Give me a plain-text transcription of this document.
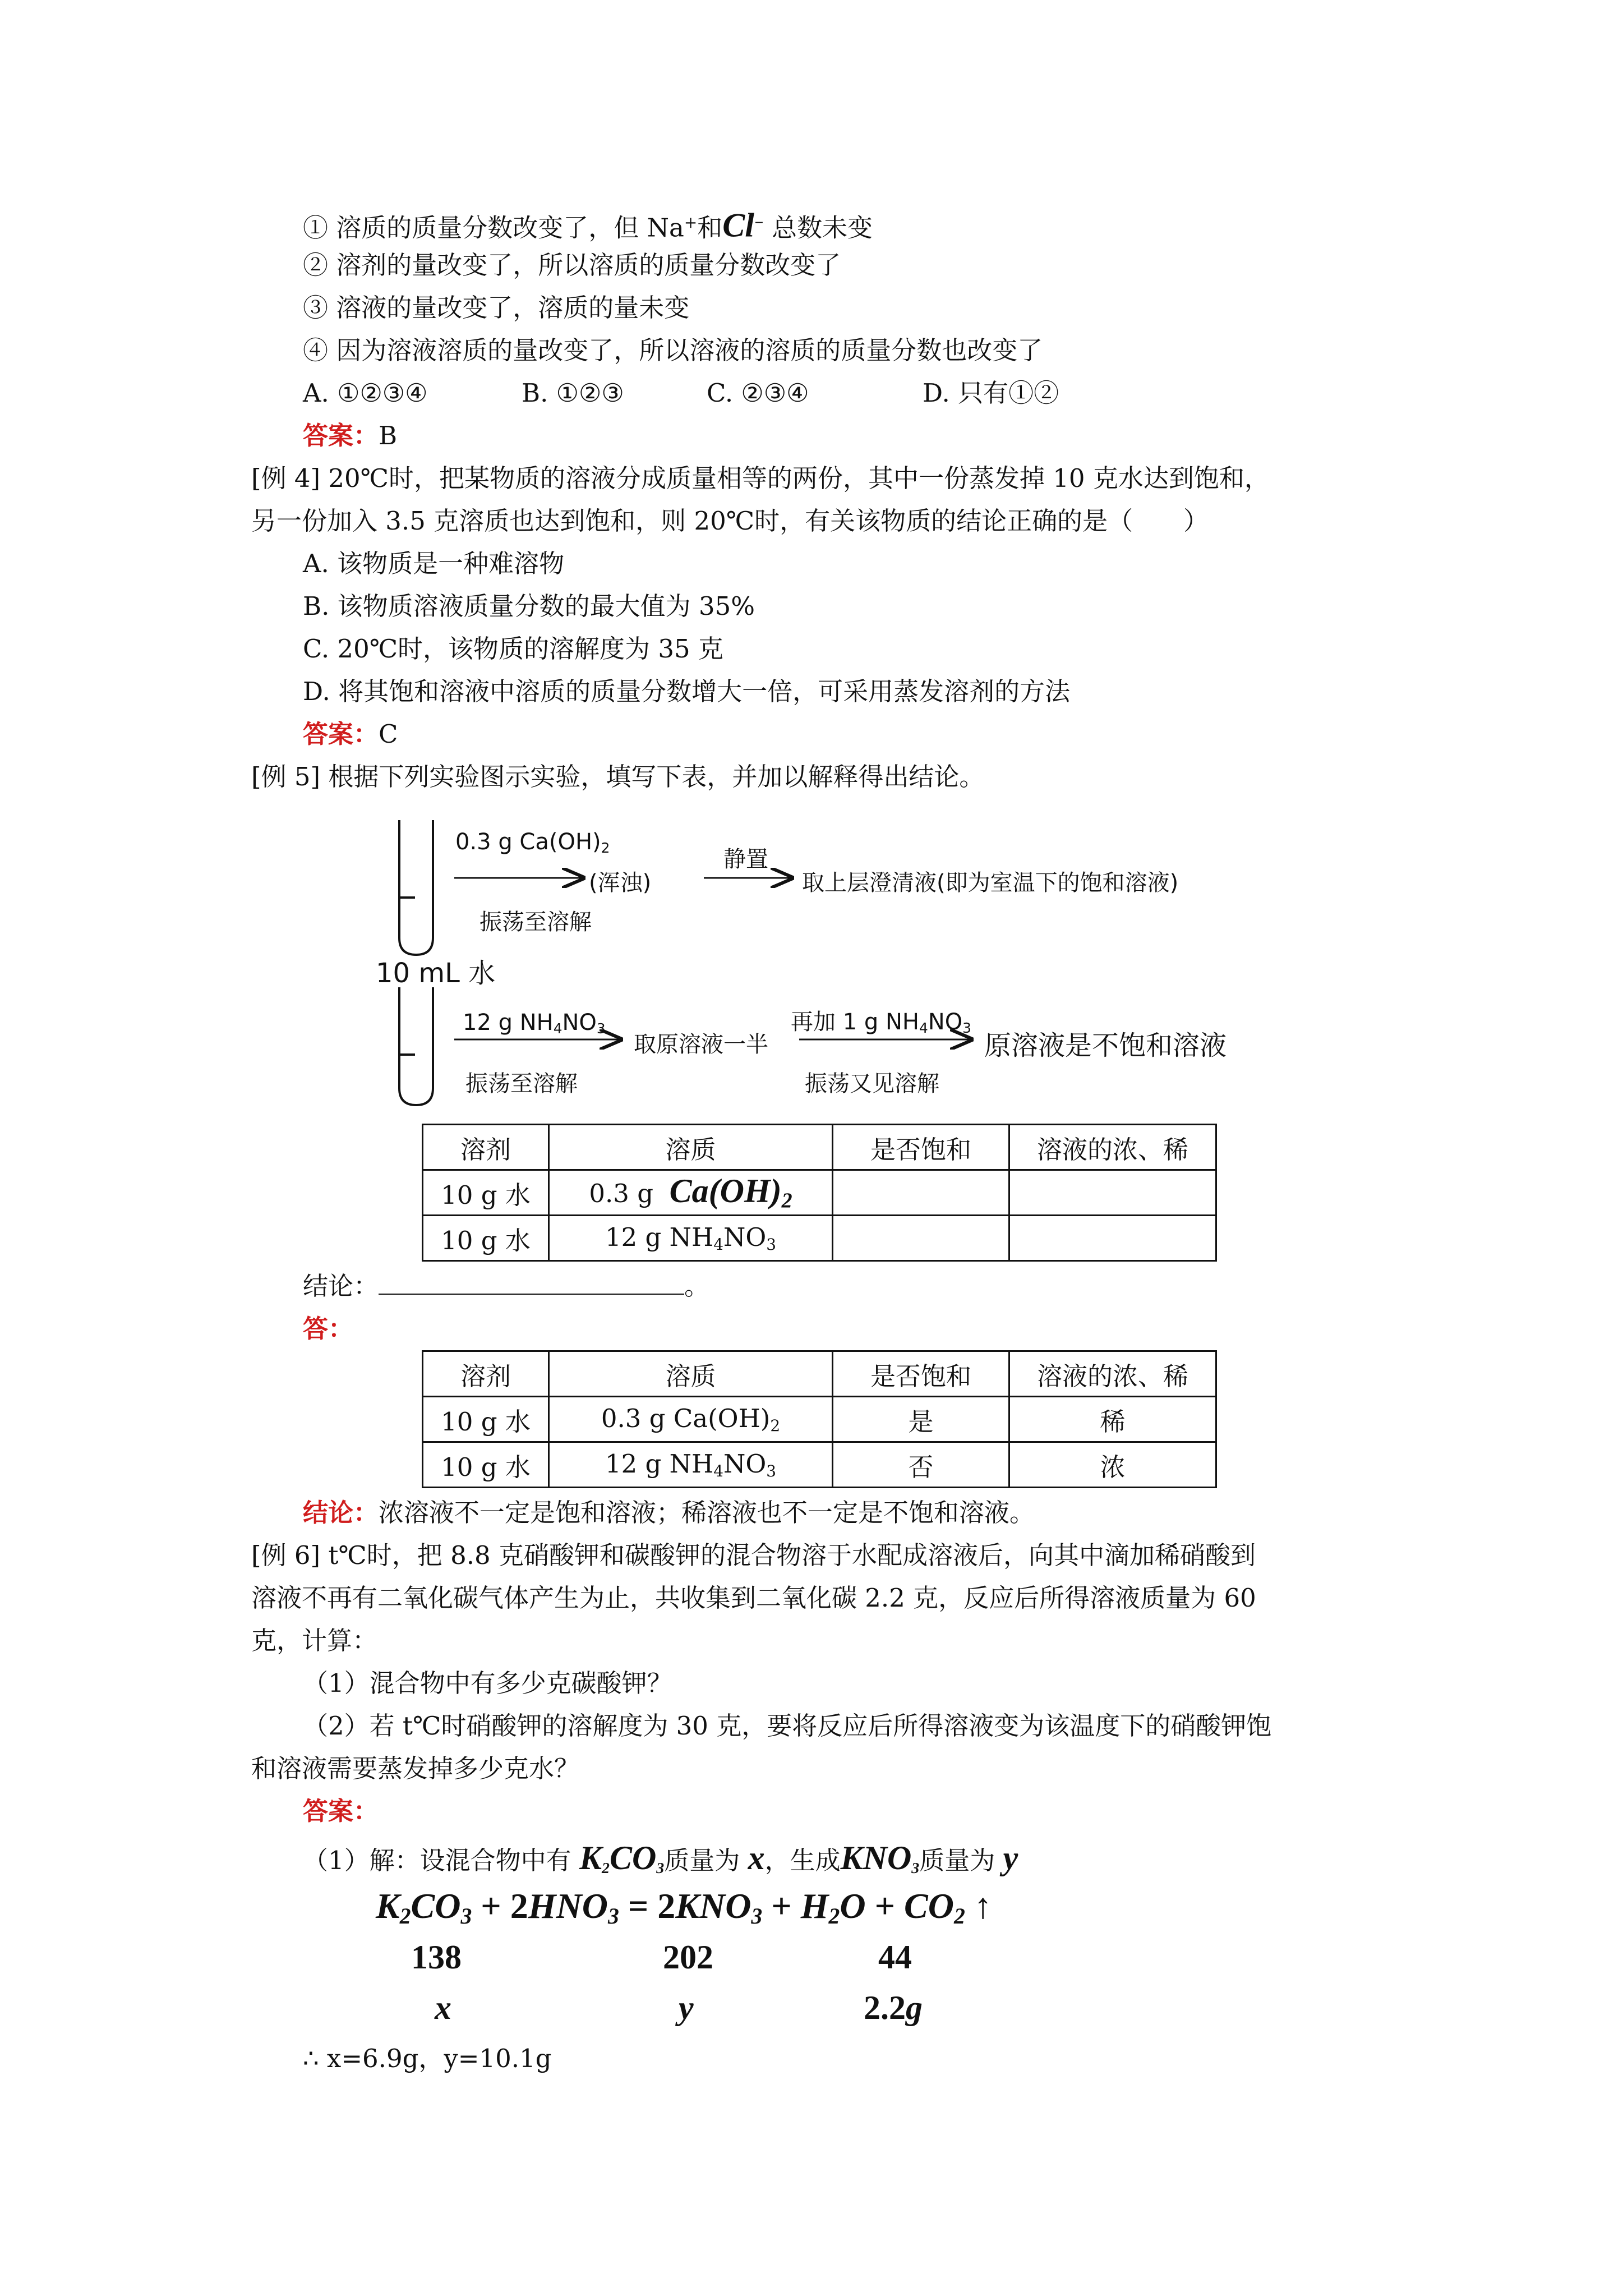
① 溶质的质量分数改变了，但 Na+和Cl− 总数未变
② 溶剂的量改变了，所以溶质的质量分数改变了
③ 溶液的量改变了，溶质的量未变
④ 因为溶液溶质的量改变了，所以溶液的溶质的质量分数也改变了
A. ①②③④	B. ①②③	C. ②③④	D. 只有①②
答案：B
[例 4] 20℃时，把某物质的溶液分成质量相等的两份，其中一份蒸发掉 10 克水达到饱和，
另一份加入 3.5 克溶质也达到饱和，则 20℃时，有关该物质的结论正确的是（　　）
A. 该物质是一种难溶物
B. 该物质溶液质量分数的最大值为 35%
C. 20℃时，该物质的溶解度为 35 克
D. 将其饱和溶液中溶质的质量分数增大一倍，可采用蒸发溶剂的方法
答案：C
[例 5] 根据下列实验图示实验，填写下表，并加以解释得出结论。
0.3 g $Ca(OH)_2$
振荡至溶解
(浑浊)
静置
取上层澄清液(即为室温下的饱和溶液)
10 mL 水
12 g $NH_4NO_3$
振荡至溶解
取原溶液一半
再加 1 g $NH_4NO_3$
振荡又见溶解
原溶液是不饱和溶液
溶剂	溶质	是否饱和	溶液的浓、稀
10 g 水	0.3 g $Ca(OH)_2$		
10 g 水	12 g $NH_4NO_3$		
结论：	。
答：
溶剂	溶质	是否饱和	溶液的浓、稀
10 g 水	0.3 g $Ca(OH)_2$	是	稀
10 g 水	12 g $NH_4NO_3$	否	浓
结论：浓溶液不一定是饱和溶液；稀溶液也不一定是不饱和溶液。
[例 6] t℃时，把 8.8 克硝酸钾和碳酸钾的混合物溶于水配成溶液后，向其中滴加稀硝酸到
溶液不再有二氧化碳气体产生为止，共收集到二氧化碳 2.2 克，反应后所得溶液质量为 60
克，计算：
（1）混合物中有多少克碳酸钾？
（2）若 t℃时硝酸钾的溶解度为 30 克，要将反应后所得溶液变为该温度下的硝酸钾饱
和溶液需要蒸发掉多少克水？
答案：
（1）解：设混合物中有 $K_2CO_3$质量为 x，生成$KNO_3$质量为 y
$K_2CO_3 + 2HNO_3 = 2KNO_3 + H_2O + CO_2$ ↑
138	202	44
x	y	2.2g
∴ x=6.9g，y=10.1g
